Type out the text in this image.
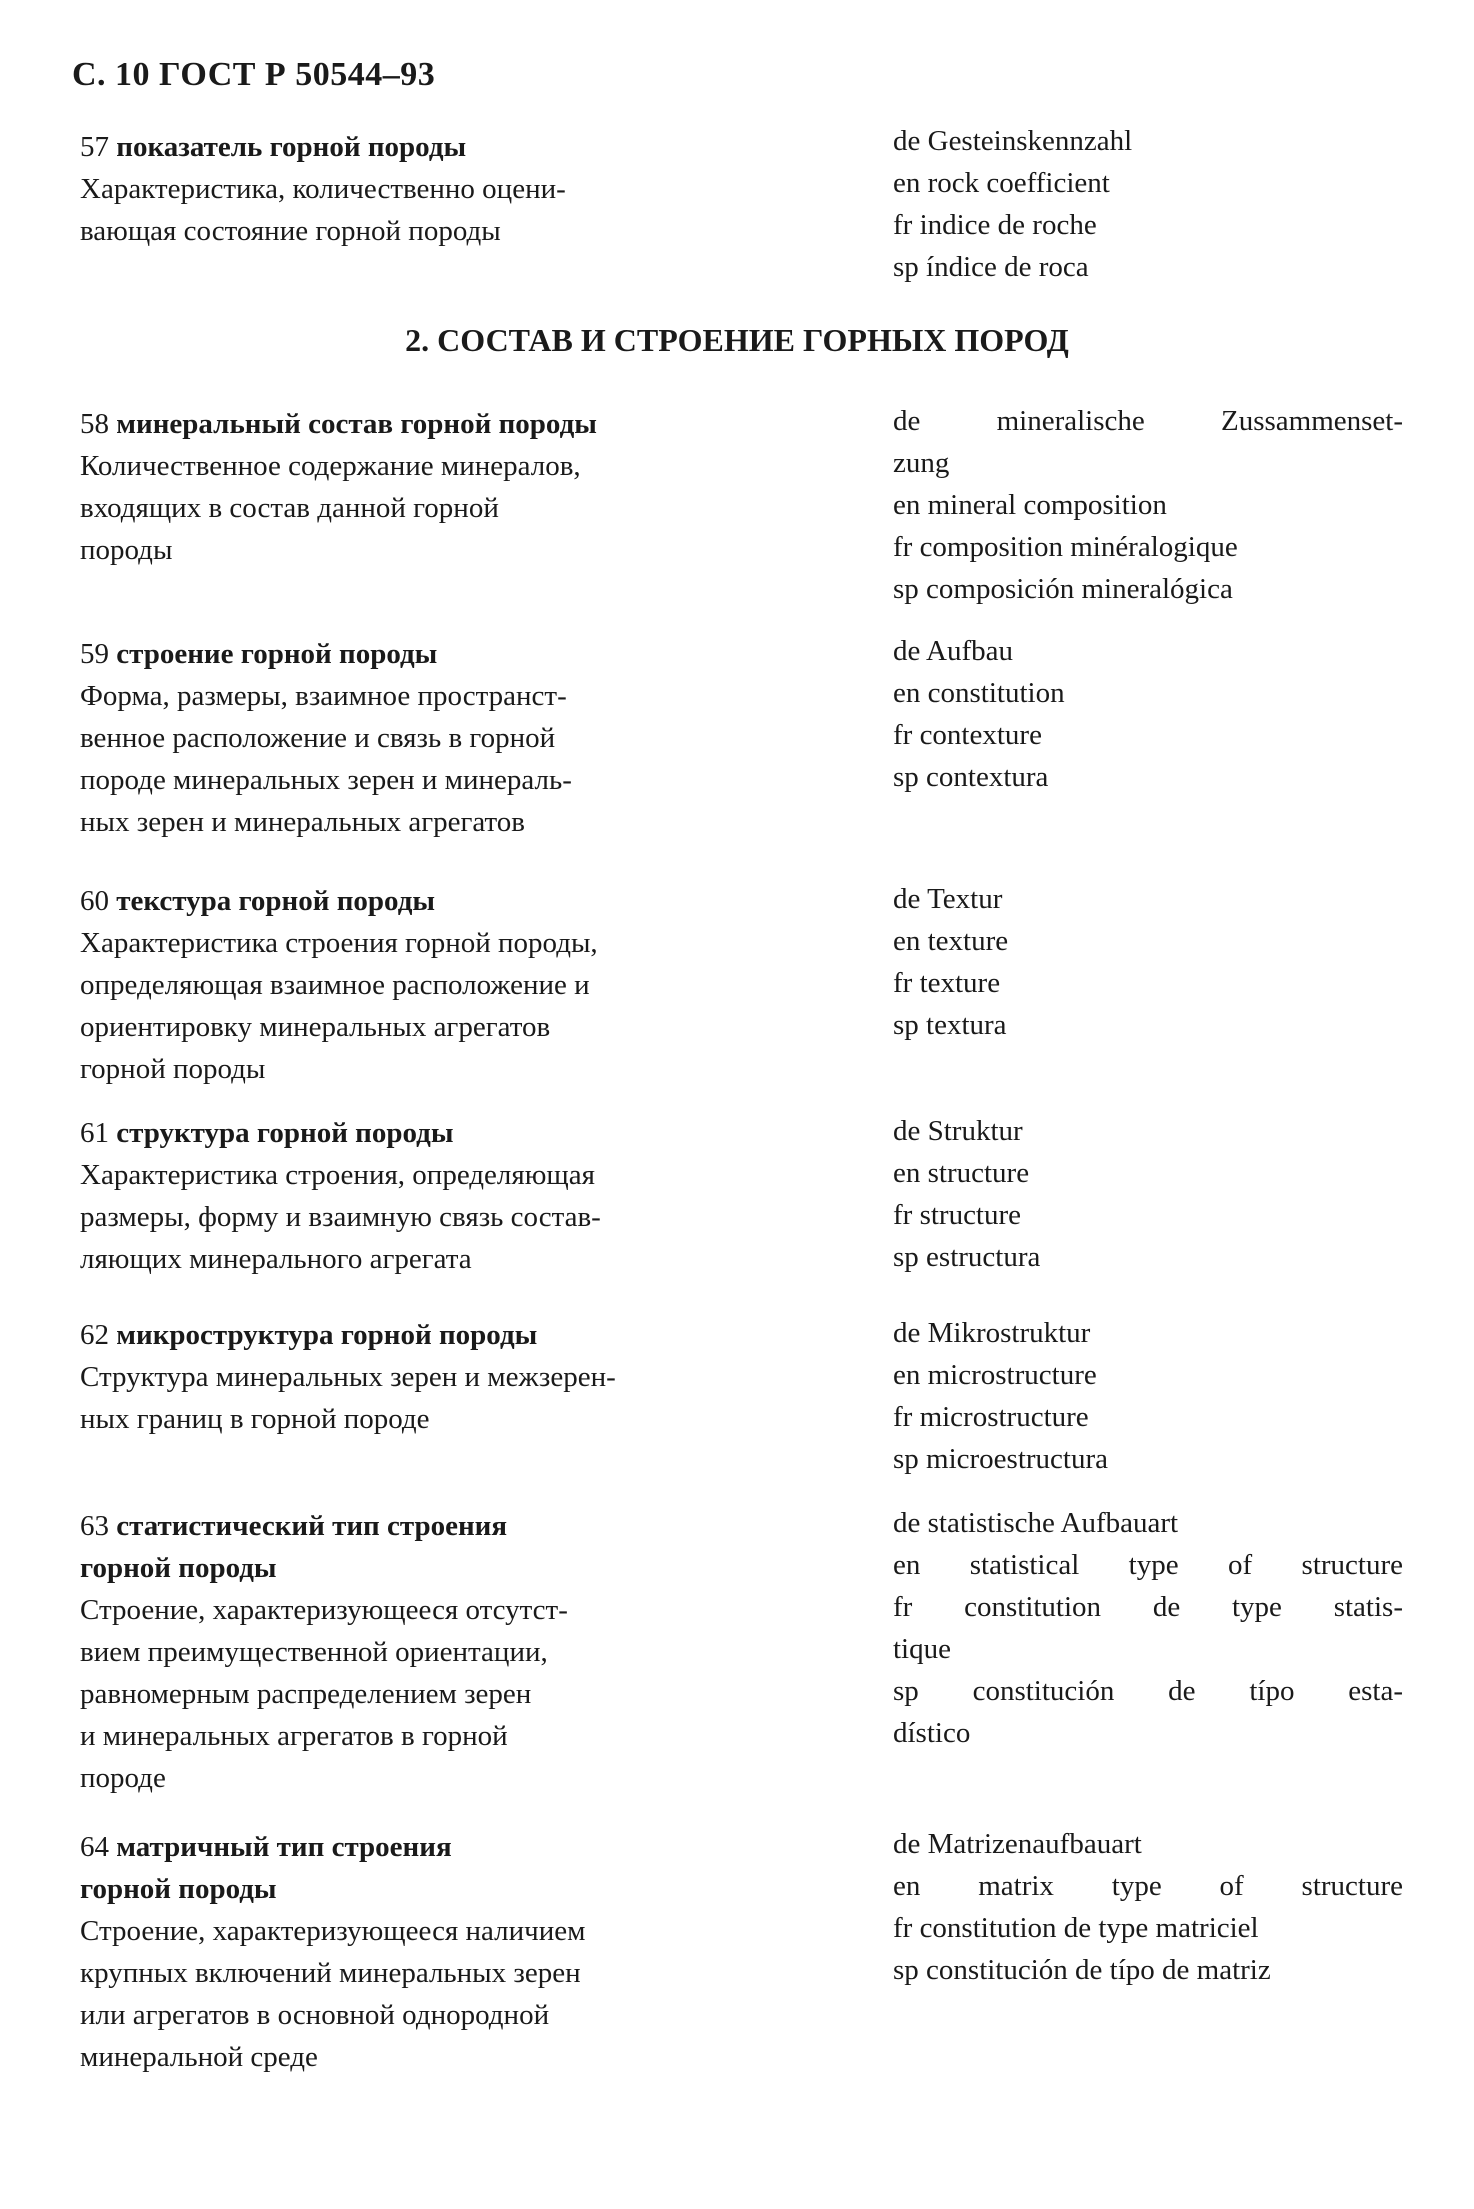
С. 10 ГОСТ Р 50544–93
57 показатель горной породы
Характеристика, количественно оцени-
вающая состояние горной породы
de Gesteinskennzahl
en rock coefficient
fr indice de roche
sp índice de roca
2. СОСТАВ И СТРОЕНИЕ ГОРНЫХ ПОРОД
58 минеральный состав горной породы
Количественное содержание минералов,
входящих в состав данной горной
породы
de mineralische Zussammenset-
zung
en mineral composition
fr composition minéralogique
sp composición mineralógica
59 строение горной породы
Форма, размеры, взаимное пространст-
венное расположение и связь в горной
породе минеральных зерен и минераль-
ных зерен и минеральных агрегатов
de Aufbau
en constitution
fr contexture
sp contextura
60 текстура горной породы
Характеристика строения горной породы,
определяющая взаимное расположение и
ориентировку минеральных агрегатов
горной породы
de Textur
en texture
fr texture
sp textura
61 структура горной породы
Характеристика строения, определяющая
размеры, форму и взаимную связь состав-
ляющих минерального агрегата
de Struktur
en structure
fr structure
sp estructura
62 микроструктура горной породы
Структура минеральных зерен и межзерен-
ных границ в горной породе
de Mikrostruktur
en microstructure
fr microstructure
sp microestructura
63 статистический тип строения
горной породы
Строение, характеризующееся отсутст-
вием преимущественной ориентации,
равномерным распределением зерен
и минеральных агрегатов в горной
породе
de statistische Aufbauart
en statistical type of structure
fr constitution de type statis-
tique
sp constitución de típo esta-
dístico
64 матричный тип строения
горной породы
Строение, характеризующееся наличием
крупных включений минеральных зерен
или агрегатов в основной однородной
минеральной среде
de Matrizenaufbauart
en matrix type of structure
fr constitution de type matriciel
sp constitución de típo de matriz
